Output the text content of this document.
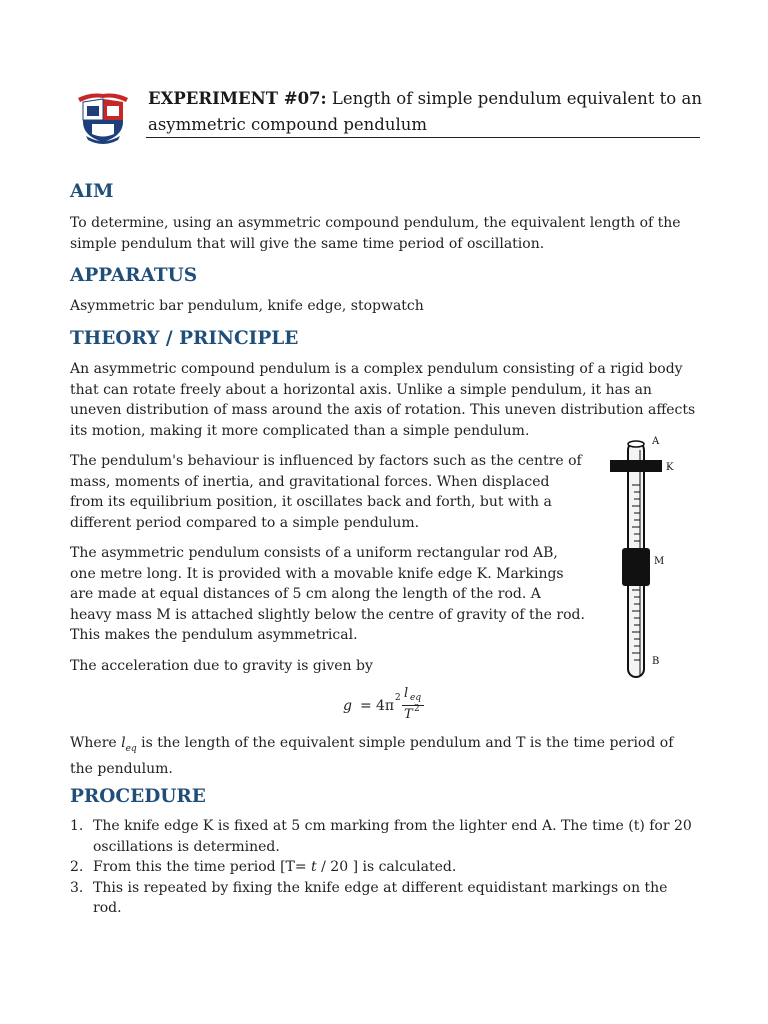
EXPERIMENT #07: Length of simple pendulum equivalent to an asymmetric compound pendulum
AIM

To determine, using an asymmetric compound pendulum, the equivalent length of the simple pendulum that will give the same time period of oscillation.

APPARATUS

Asymmetric bar pendulum, knife edge, stopwatch

THEORY / PRINCIPLE

An asymmetric compound pendulum is a complex pendulum consisting of a rigid body that can rotate freely about a horizontal axis. Unlike a simple pendulum, it has an uneven distribution of mass around the axis of rotation. This uneven distribution affects its motion, making it more complicated than a simple pendulum.

The pendulum's behaviour is influenced by factors such as the centre of mass, moments of inertia, and gravitational forces. When displaced from its equilibrium position, it oscillates back and forth, but with a different period compared to a simple pendulum.

The asymmetric pendulum consists of a uniform rectangular rod AB, one metre long. It is provided with a movable knife edge K. Markings are made at equal distances of 5 cm along the length of the rod. A heavy mass M is attached slightly below the centre of gravity of the rod. This makes the pendulum asymmetrical.

The acceleration due to gravity is given by

g = 4π 2 l eq
T 2

Where $l_{eq}$ is the length of the equivalent simple pendulum and T is the time period of the pendulum.

A
K
M
B
PROCEDURE
1. The knife edge K is fixed at 5 cm marking from the lighter end A. The time (t) for 20 oscillations is determined.
2. From this the time period [T= t / 20 ] is calculated.
3. This is repeated by fixing the knife edge at different equidistant markings on the rod.
